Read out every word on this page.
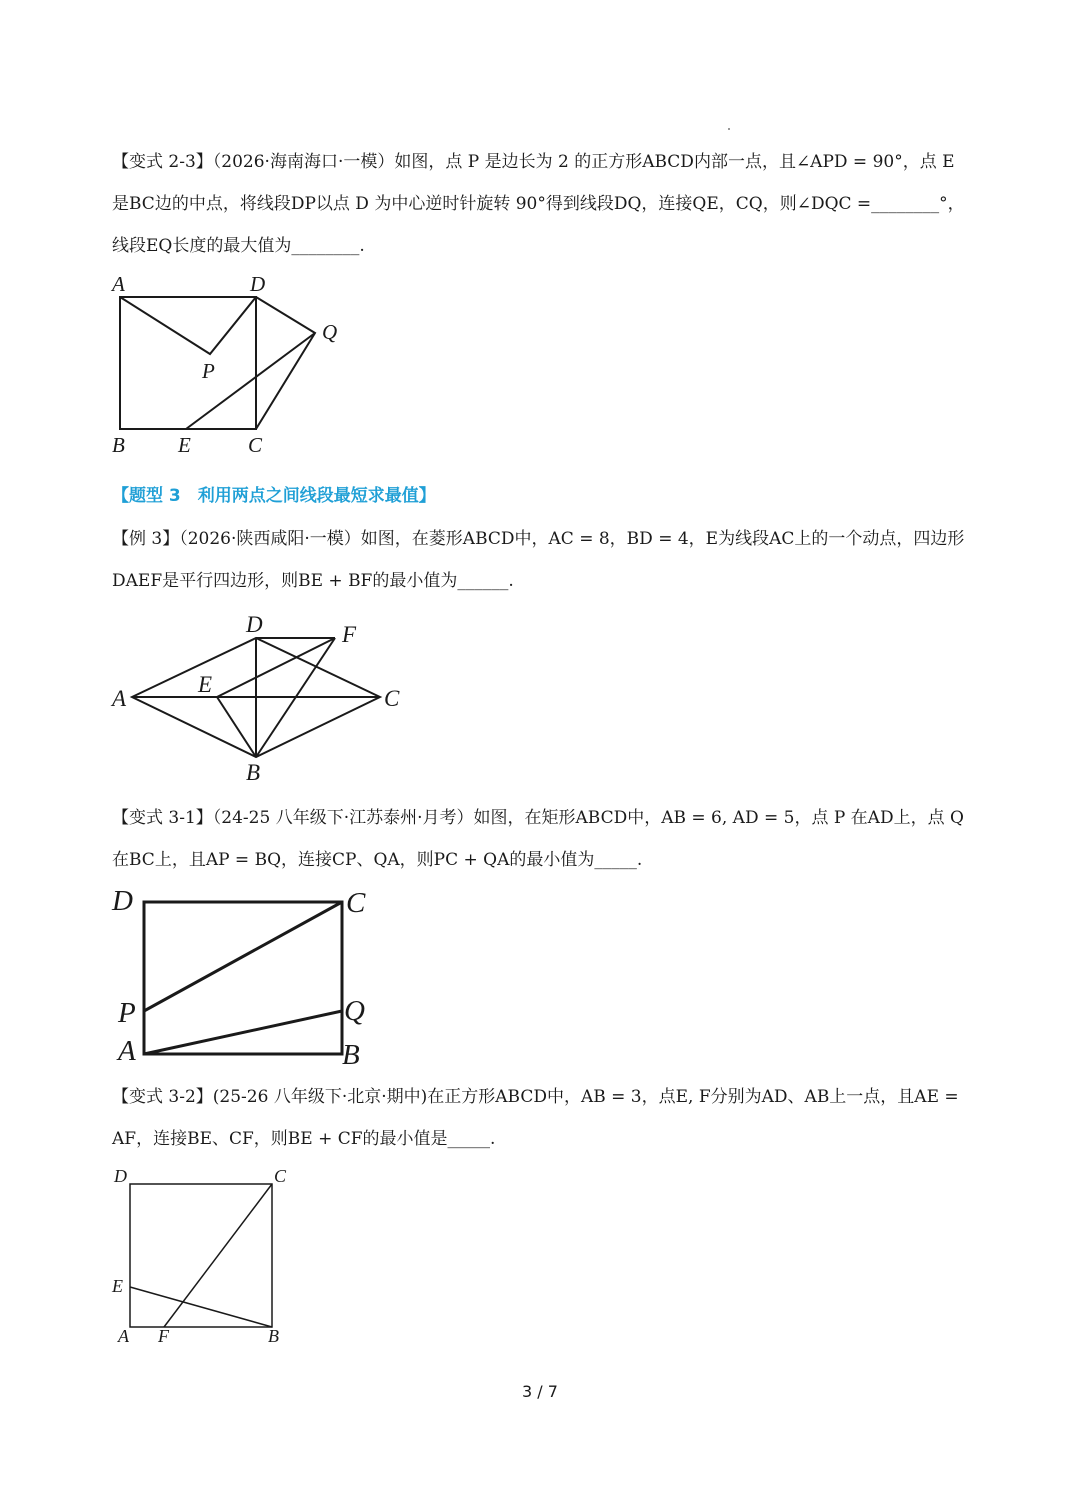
【变式 2-3】（2026·海南海口·一模）如图，点 P 是边长为 2 的正方形ABCD内部一点，且∠APD = 90°，点 E 是BC边的中点，将线段DP以点 D 为中心逆时针旋转 90°得到线段DQ，连接QE，CQ，则∠DQC =________°，线段EQ长度的最大值为________.
A	D
Q
P
B	E	C
【题型 3　利用两点之间线段最短求最值】
【例 3】（2026·陕西咸阳·一模）如图，在菱形ABCD中，AC = 8，BD = 4，E为线段AC上的一个动点，四边形DAEF是平行四边形，则BE + BF的最小值为______.
A
D	F
E
C
B
【变式 3-1】（24-25 八年级下·江苏泰州·月考）如图，在矩形ABCD中，AB = 6, AD = 5，点 P 在AD上，点 Q 在BC上，且AP = BQ，连接CP、QA，则PC + QA的最小值为_____.
D	C
P	Q
A	B
【变式 3-2】(25-26 八年级下·北京·期中)在正方形ABCD中，AB = 3，点E, F分别为AD、AB上一点，且AE = AF，连接BE、CF，则BE + CF的最小值是_____.
D	C
E
A F	B
3 / 7
